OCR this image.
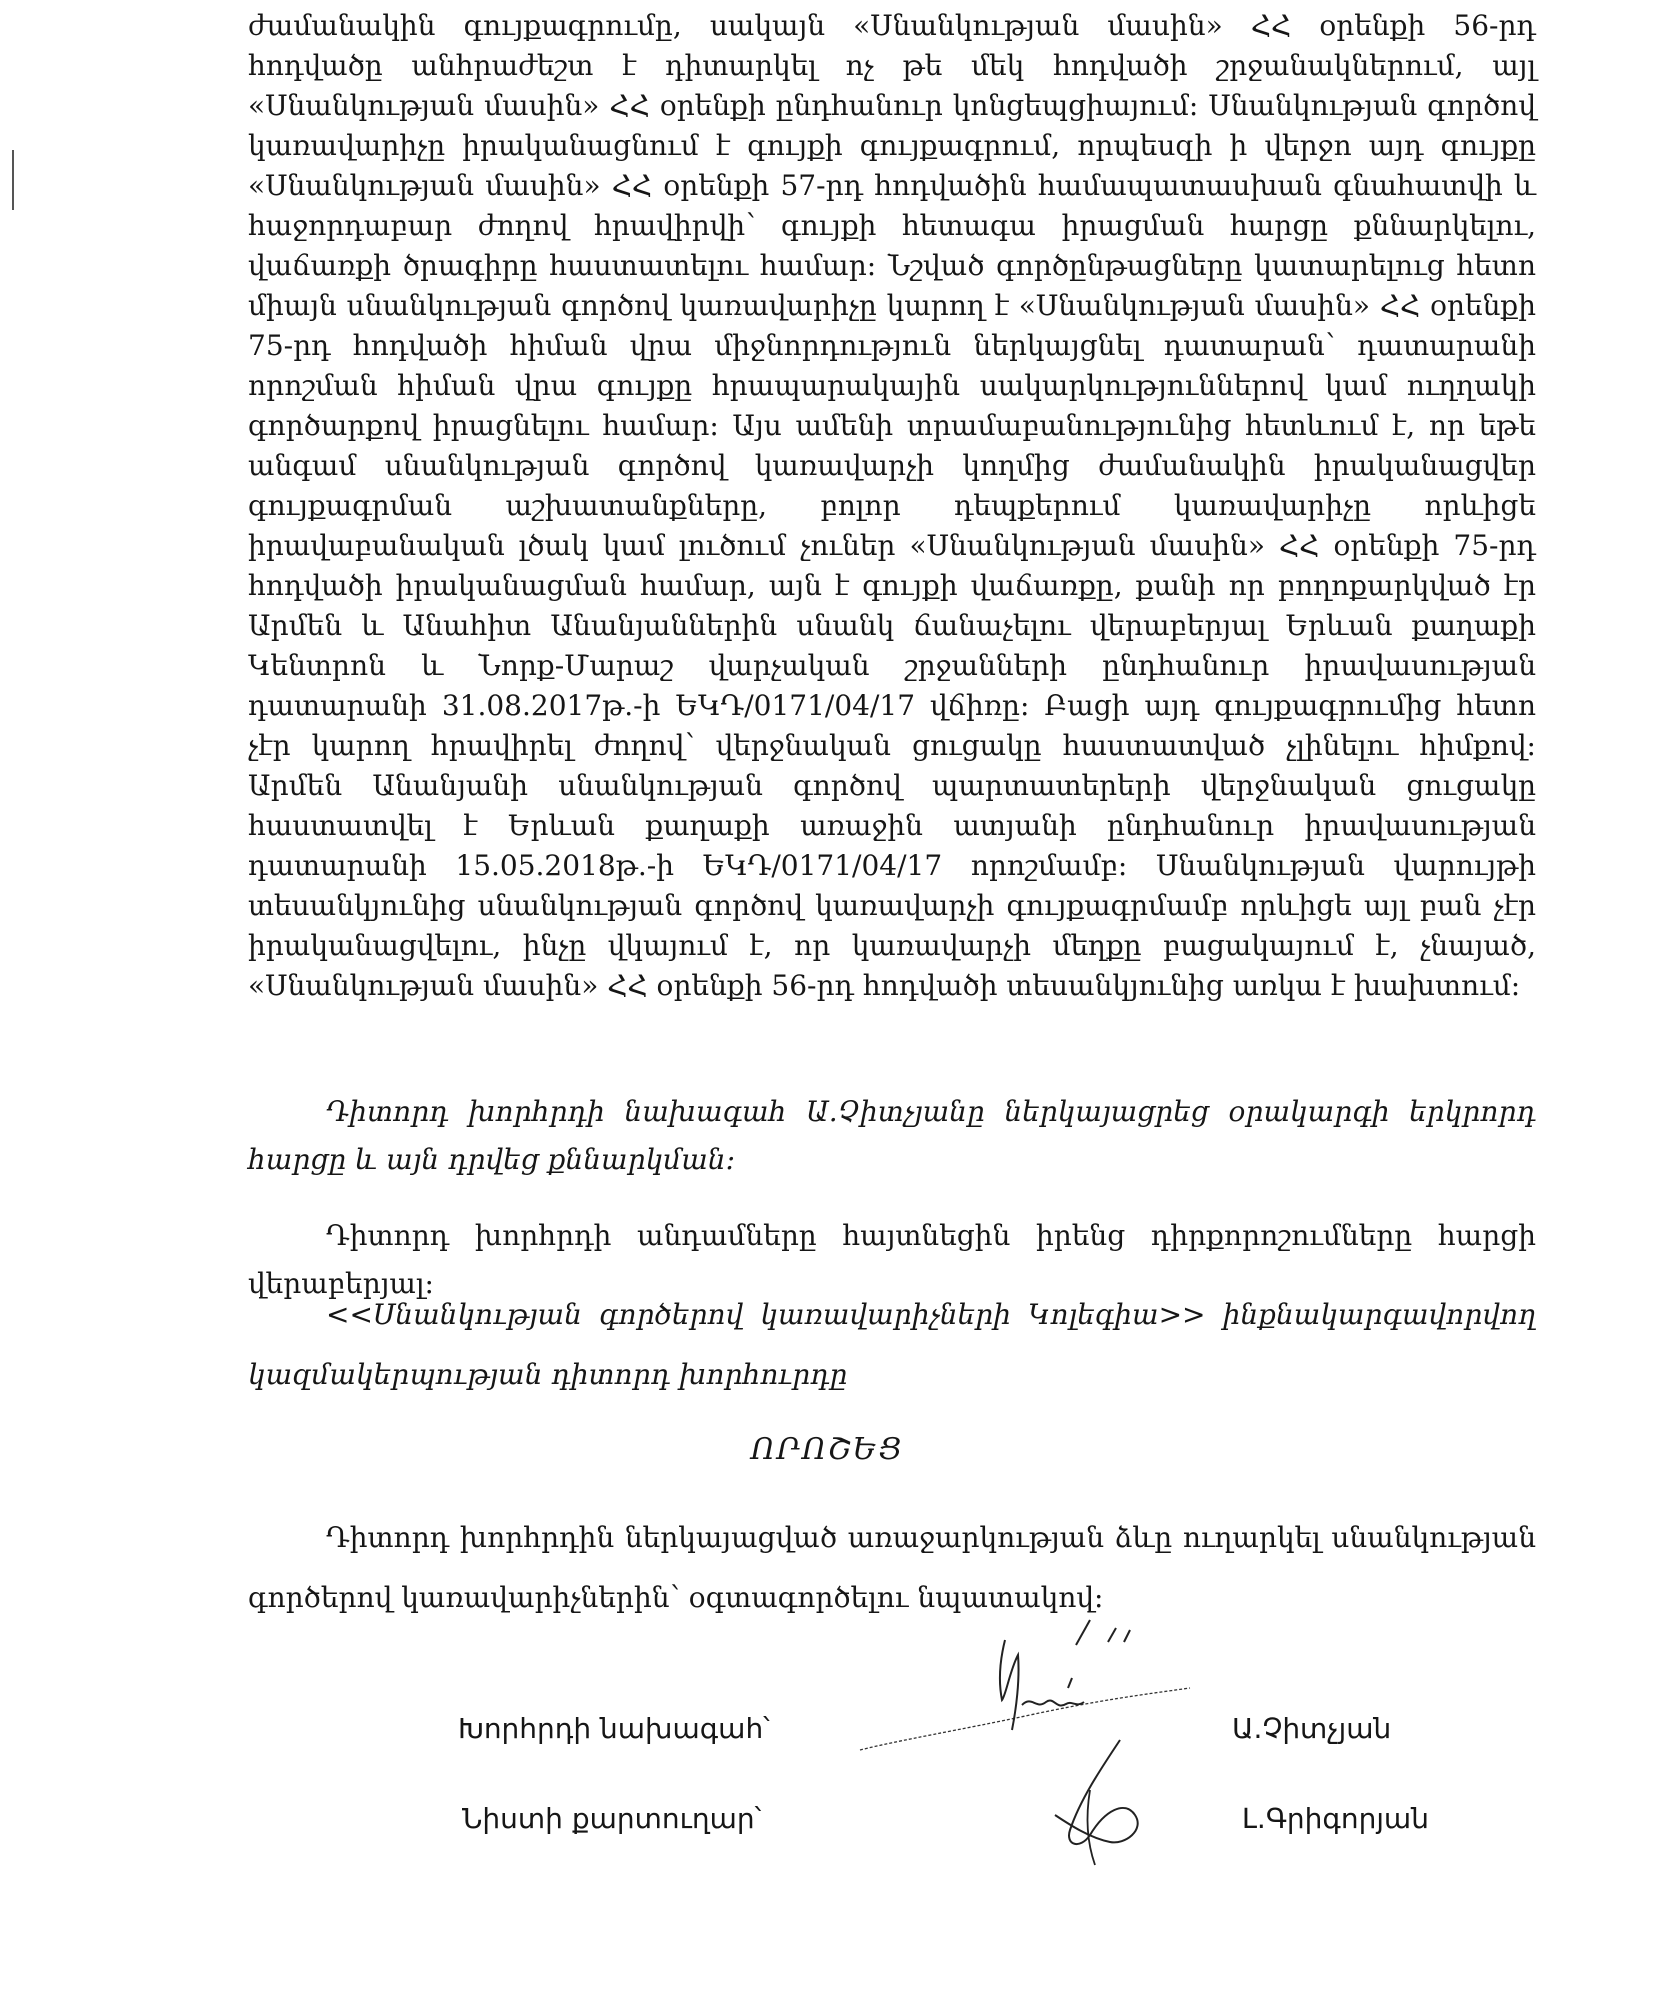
ժամանակին գույքագրումը, սակայն «Սնանկության մասին» ՀՀ օրենքի 56-րդ հոդվածը անհրաժեշտ է դիտարկել ոչ թե մեկ հոդվածի շրջանակներում, այլ «Սնանկության մասին» ՀՀ օրենքի ընդհանուր կոնցեպցիայում: Սնանկության գործով կառավարիչը իրականացնում է գույքի գույքագրում, որպեսզի ի վերջո այդ գույքը «Սնանկության մասին» ՀՀ օրենքի 57-րդ հոդվածին համապատասխան գնահատվի և հաջորդաբար ժողով հրավիրվի՝ գույքի հետագա իրացման հարցը քննարկելու, վաճառքի ծրագիրը հաստատելու համար: Նշված գործընթացները կատարելուց հետո միայն սնանկության գործով կառավարիչը կարող է «Սնանկության մասին» ՀՀ օրենքի 75-րդ հոդվածի հիման վրա միջնորդություն ներկայցնել դատարան՝ դատարանի որոշման հիման վրա գույքը հրապարակային սակարկություններով կամ ուղղակի գործարքով իրացնելու համար: Այս ամենի տրամաբանությունից հետևում է, որ եթե անգամ սնանկության գործով կառավարչի կողմից ժամանակին իրականացվեր գույքագրման աշխատանքները, բոլոր դեպքերում կառավարիչը որևիցե իրավաբանական լծակ կամ լուծում չուներ «Սնանկության մասին» ՀՀ օրենքի 75-րդ հոդվածի իրականացման համար, այն է գույքի վաճառքը, քանի որ բողոքարկված էր Արմեն և Անահիտ Անանյաններին սնանկ ճանաչելու վերաբերյալ Երևան քաղաքի Կենտրոն և Նորք-Մարաշ վարչական շրջանների ընդհանուր իրավասության դատարանի 31.08.2017թ.-ի ԵԿԴ/0171/04/17 վճիռը: Բացի այդ գույքագրումից հետո չէր կարող հրավիրել ժողով՝ վերջնական ցուցակը հաստատված չլինելու հիմքով: Արմեն Անանյանի սնանկության գործով պարտատերերի վերջնական ցուցակը հաստատվել է Երևան քաղաքի առաջին ատյանի ընդհանուր իրավասության դատարանի 15.05.2018թ.-ի ԵԿԴ/0171/04/17 որոշմամբ: Սնանկության վարույթի տեսանկյունից սնանկության գործով կառավարչի գույքագրմամբ որևիցե այլ բան չէր իրականացվելու, ինչը վկայում է, որ կառավարչի մեղքը բացակայում է, չնայած, «Սնանկության մասին» ՀՀ օրենքի 56-րդ հոդվածի տեսանկյունից առկա է խախտում:

Դիտորդ խորհրդի նախագահ Ա.Չիտչյանը ներկայացրեց օրակարգի երկրորդ հարցը և այն դրվեց քննարկման:

Դիտորդ խորհրդի անդամները հայտնեցին իրենց դիրքորոշումները հարցի վերաբերյալ:

<<Սնանկության գործերով կառավարիչների Կոլեգիա>> ինքնակարգավորվող կազմակերպության դիտորդ խորհուրդը

ՈՐՈՇԵՑ

Դիտորդ խորհրդին ներկայացված առաջարկության ձևը ուղարկել սնանկության գործերով կառավարիչներին՝ օգտագործելու նպատակով:

Խորհրդի նախագահ՝	Ա.Չիտչյան
Նիստի քարտուղար՝	Լ.Գրիգորյան
